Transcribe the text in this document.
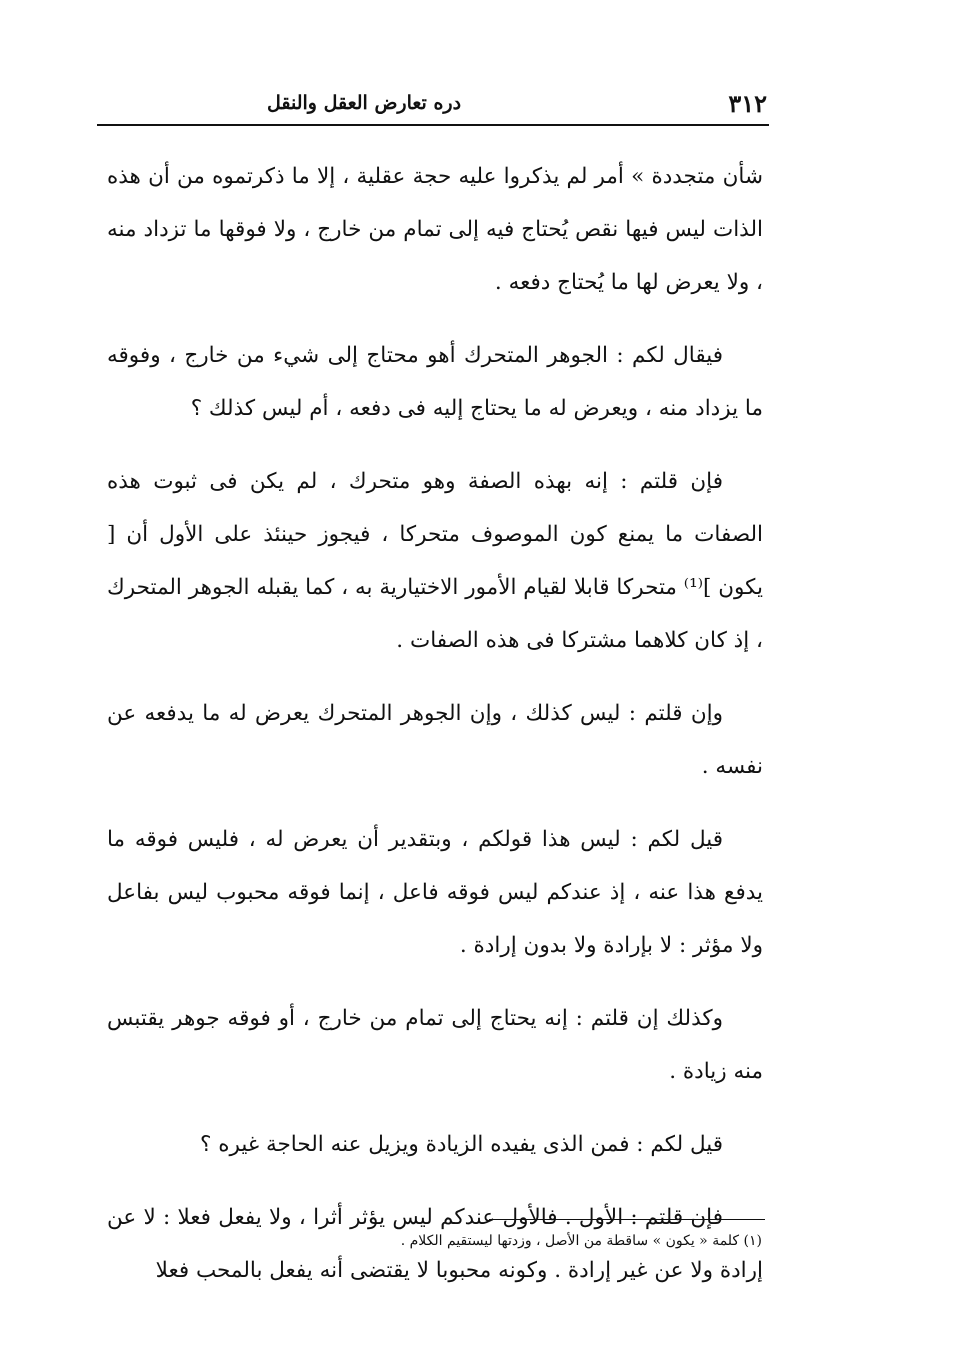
٣١٢
دره تعارض العقل والنقل

شأن متجددة » أمر لم يذكروا عليه حجة عقلية ، إلا ما ذكرتموه من أن هذه الذات ليس فيها نقص يُحتاج فيه إلى تمام من خارج ، ولا فوقها ما تزداد منه ، ولا يعرض لها ما يُحتاج دفعه .

فيقال لكم : الجوهر المتحرك أهو محتاج إلى شيء من خارج ، وفوقه ما يزداد منه ، ويعرض له ما يحتاج إليه فى دفعه ، أم ليس كذلك ؟

فإن قلتم : إنه بهذه الصفة وهو متحرك ، لم يكن فى ثبوت هذه الصفات ما يمنع كون الموصوف متحركا ، فيجوز حينئذ على الأول أن [ يكون ]⁽¹⁾ متحركا قابلا لقيام الأمور الاختيارية به ، كما يقبله الجوهر المتحرك ، إذ كان كلاهما مشتركا فى هذه الصفات .

وإن قلتم : ليس كذلك ، وإن الجوهر المتحرك يعرض له ما يدفعه عن نفسه .

قيل لكم : ليس هذا قولكم ، وبتقدير أن يعرض له ، فليس فوقه ما يدفع هذا عنه ، إذ عندكم ليس فوقه فاعل ، إنما فوقه محبوب ليس بفاعل ولا مؤثر : لا بإرادة ولا بدون إرادة .

وكذلك إن قلتم : إنه يحتاج إلى تمام من خارج ، أو فوقه جوهر يقتبس منه زيادة .

قيل لكم : فمن الذى يفيده الزيادة ويزيل عنه الحاجة غيره ؟

فإن قلتم : الأول . فالأول عندكم ليس يؤثر أثرا ، ولا يفعل فعلا : لا عن إرادة ولا عن غير إرادة . وكونه محبوبا لا يقتضى أنه يفعل بالمحب فعلا

(١) كلمة « يكون » ساقطة من الأصل ، وزدتها ليستقيم الكلام .
